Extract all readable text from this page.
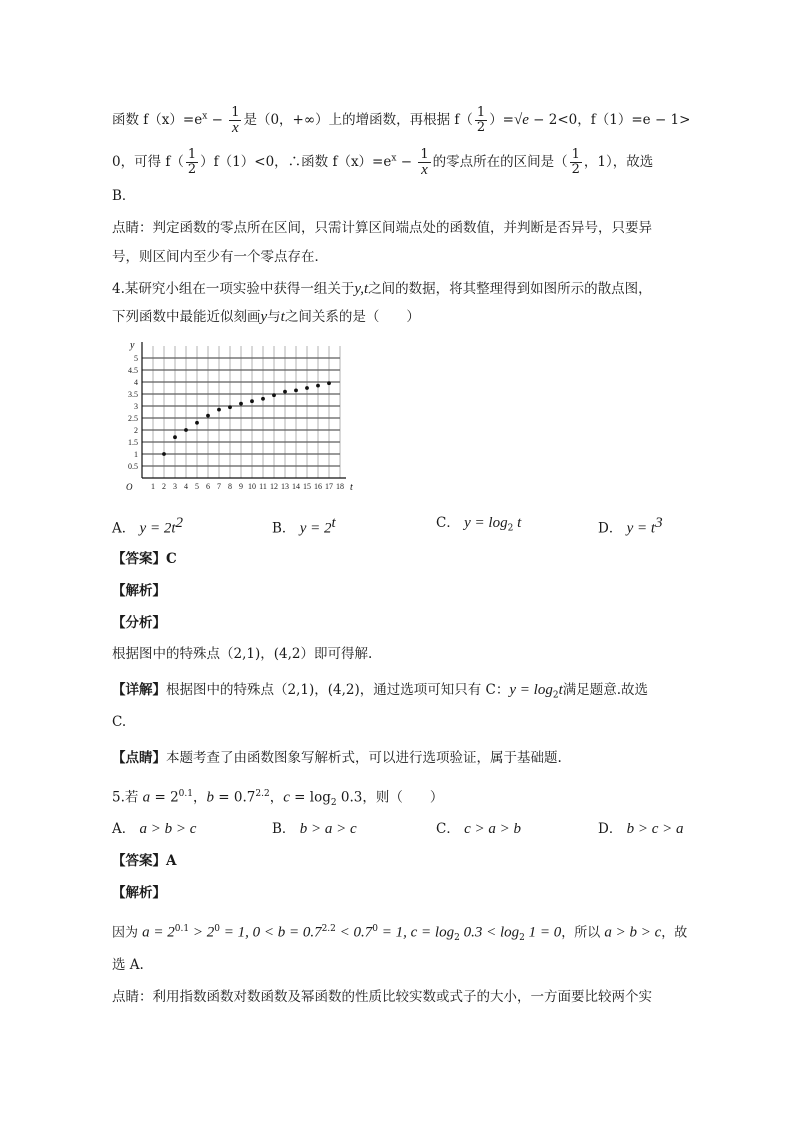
函数 $f(x)=e^x - \frac{1}{x}$ 是（0，+∞）上的增函数，再根据 $f( \frac{1}{2} )=√e - 2<0$，f（1）=e − 1>
0，可得 $f( \frac{1}{2} )f(1)<0$，∴函数 $f(x)=e^x - \frac{1}{x}$ 的零点所在的区间是（ $\frac{1}{2}$ ，1），故选
B．
点睛：判定函数的零点所在区间，只需计算区间端点处的函数值，并判断是否异号，只要异
号，则区间内至少有一个零点存在．
4.某研究小组在一项实验中获得一组关于y,t之间的数据，将其整理得到如图所示的散点图，
下列函数中最能近似刻画y与t之间关系的是（　　）
0.5
1
1.5
2
2.5
3
3.5
4
4.5
5
1 2 3 4 5 6 7 8 9 10 11 12 13 14 15 16 17 18 t
y
O
A． $y = 2t^2$	B． $y = 2^t$	C． $y = \log_2 t$	D． $y = t^3$
【答案】C
【解析】
【分析】
根据图中的特殊点（2,1)，(4,2）即可得解.
【详解】根据图中的特殊点（2,1)，(4,2)，通过选项可知只有 C：$y = \log_2t$满足题意.故选
C.
【点睛】本题考查了由函数图象写解析式，可以进行选项验证，属于基础题.
5.若 $a = 2^{0.1}$，$b = 0.7^{2.2}$，$c = \log_2 0.3$，则（　　）
A． a > b > c	B． b > a > c	C． c > a > b	D． b > c > a
【答案】A
【解析】
因为 $a = 2^{0.1} > 2^0 = 1$, $0 < b = 0.7^{2.2} < 0.7^0 = 1$, $c = \log_2 0.3 < \log_2 1 = 0$，所以 a > b > c，故
选 A.
点睛：利用指数函数对数函数及幂函数的性质比较实数或式子的大小，一方面要比较两个实
